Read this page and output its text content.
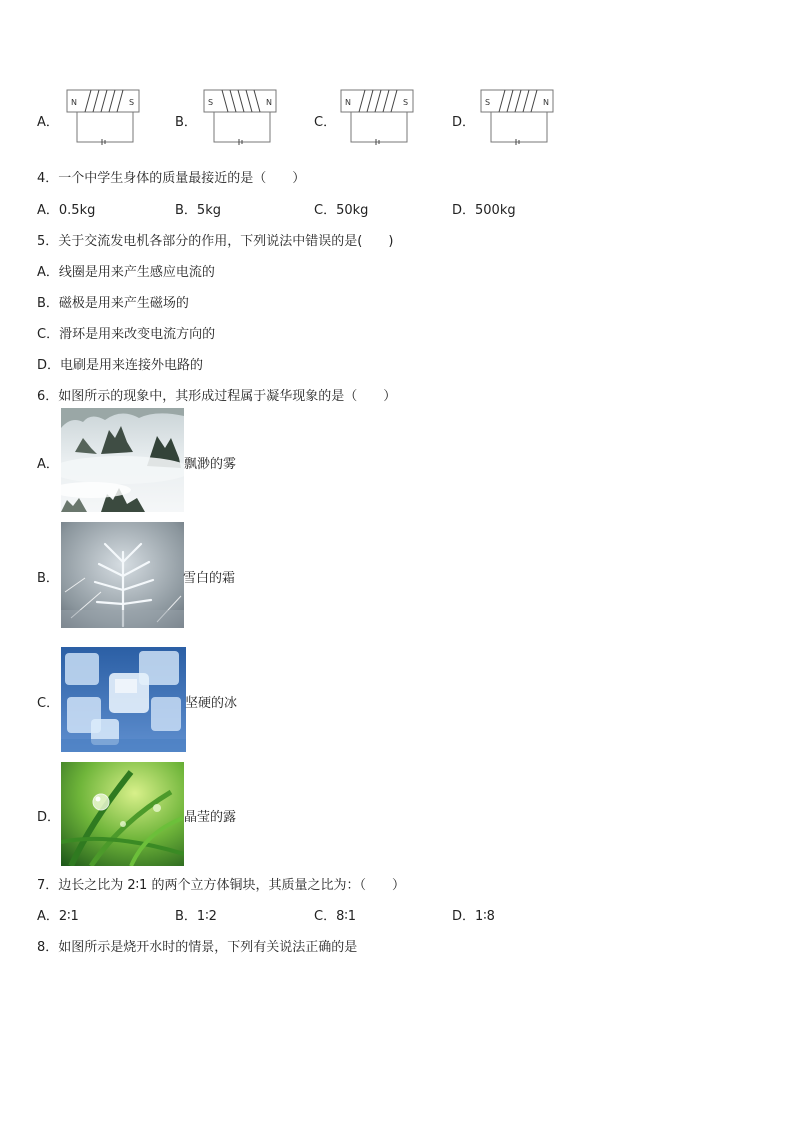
A．
N	S
B．
S	N
C．
N	S
D．
S	N
4．一个中学生身体的质量最接近的是（　　）
A．0.5kg	B．5kg	C．50kg	D．500kg
5．关于交流发电机各部分的作用，下列说法中错误的是(　　)
A．线圈是用来产生感应电流的
B．磁极是用来产生磁场的
C．滑环是用来改变电流方向的
D．电刷是用来连接外电路的
6．如图所示的现象中，其形成过程属于凝华现象的是（　　）
A．	飘渺的雾
B．	雪白的霜
C．	坚硬的冰
D．	晶莹的露
7．边长之比为 2∶1 的两个立方体铜块，其质量之比为：（　　）
A．2∶1	B．1∶2	C．8∶1	D．1∶8
8．如图所示是烧开水时的情景，下列有关说法正确的是
